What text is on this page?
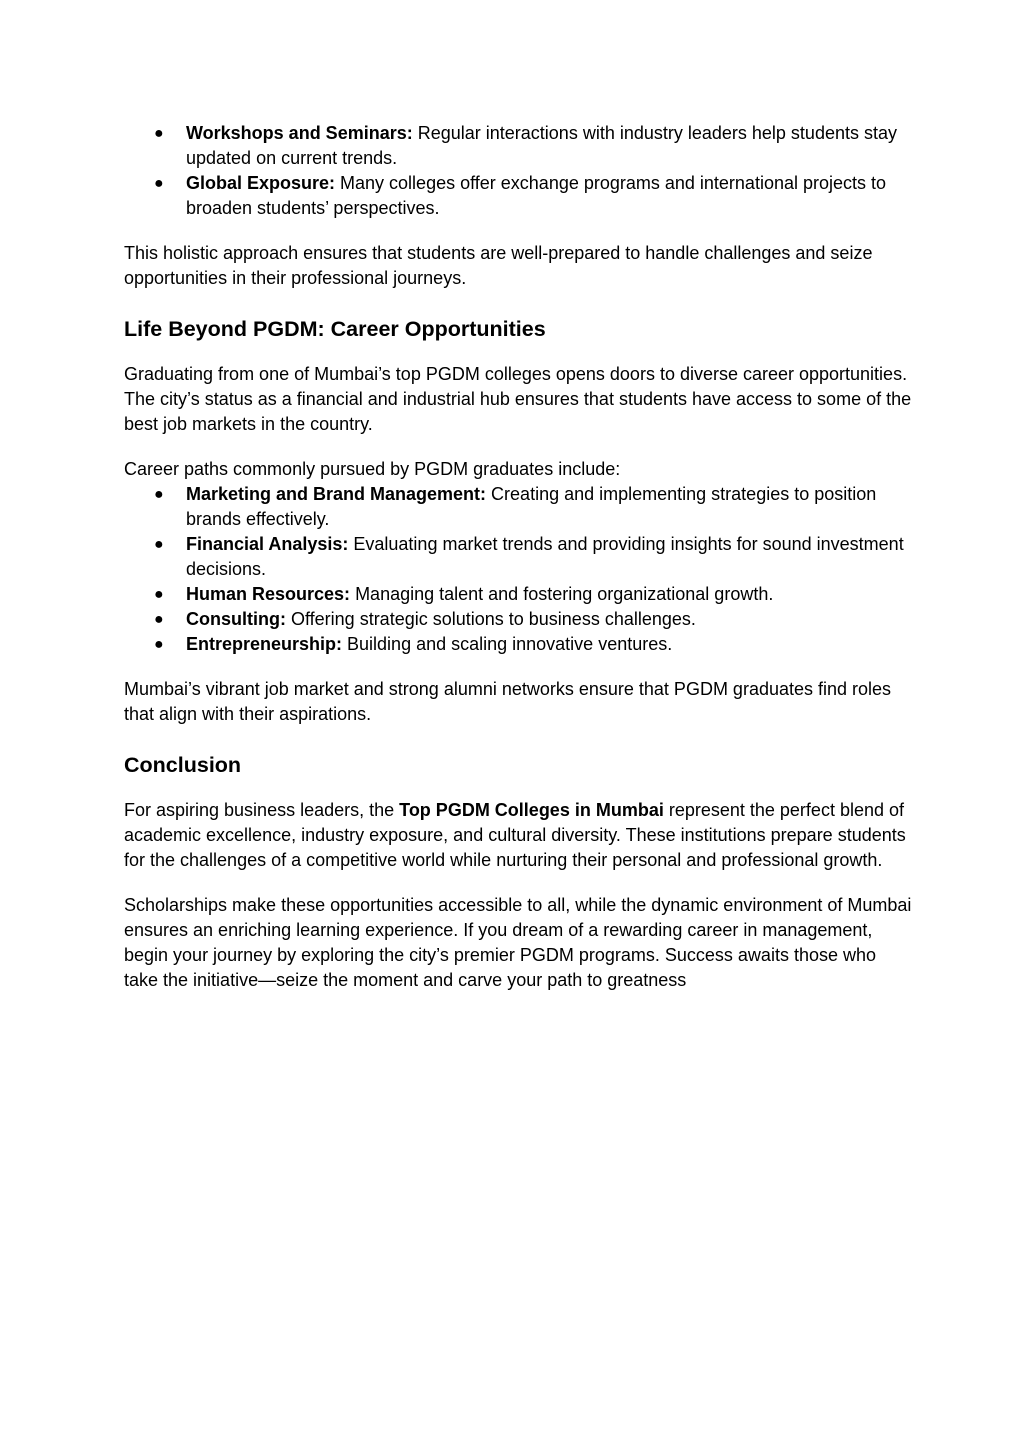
● Workshops and Seminars: Regular interactions with industry leaders help students stay updated on current trends.
● Global Exposure: Many colleges offer exchange programs and international projects to broaden students’ perspectives.

This holistic approach ensures that students are well-prepared to handle challenges and seize opportunities in their professional journeys.

Life Beyond PGDM: Career Opportunities

Graduating from one of Mumbai’s top PGDM colleges opens doors to diverse career opportunities. The city’s status as a financial and industrial hub ensures that students have access to some of the best job markets in the country.

Career paths commonly pursued by PGDM graduates include:

● Marketing and Brand Management: Creating and implementing strategies to position brands effectively.
● Financial Analysis: Evaluating market trends and providing insights for sound investment decisions.
● Human Resources: Managing talent and fostering organizational growth.
● Consulting: Offering strategic solutions to business challenges.
● Entrepreneurship: Building and scaling innovative ventures.

Mumbai’s vibrant job market and strong alumni networks ensure that PGDM graduates find roles that align with their aspirations.

Conclusion

For aspiring business leaders, the Top PGDM Colleges in Mumbai represent the perfect blend of academic excellence, industry exposure, and cultural diversity. These institutions prepare students for the challenges of a competitive world while nurturing their personal and professional growth.

Scholarships make these opportunities accessible to all, while the dynamic environment of Mumbai ensures an enriching learning experience. If you dream of a rewarding career in management, begin your journey by exploring the city’s premier PGDM programs. Success awaits those who take the initiative—seize the moment and carve your path to greatness
